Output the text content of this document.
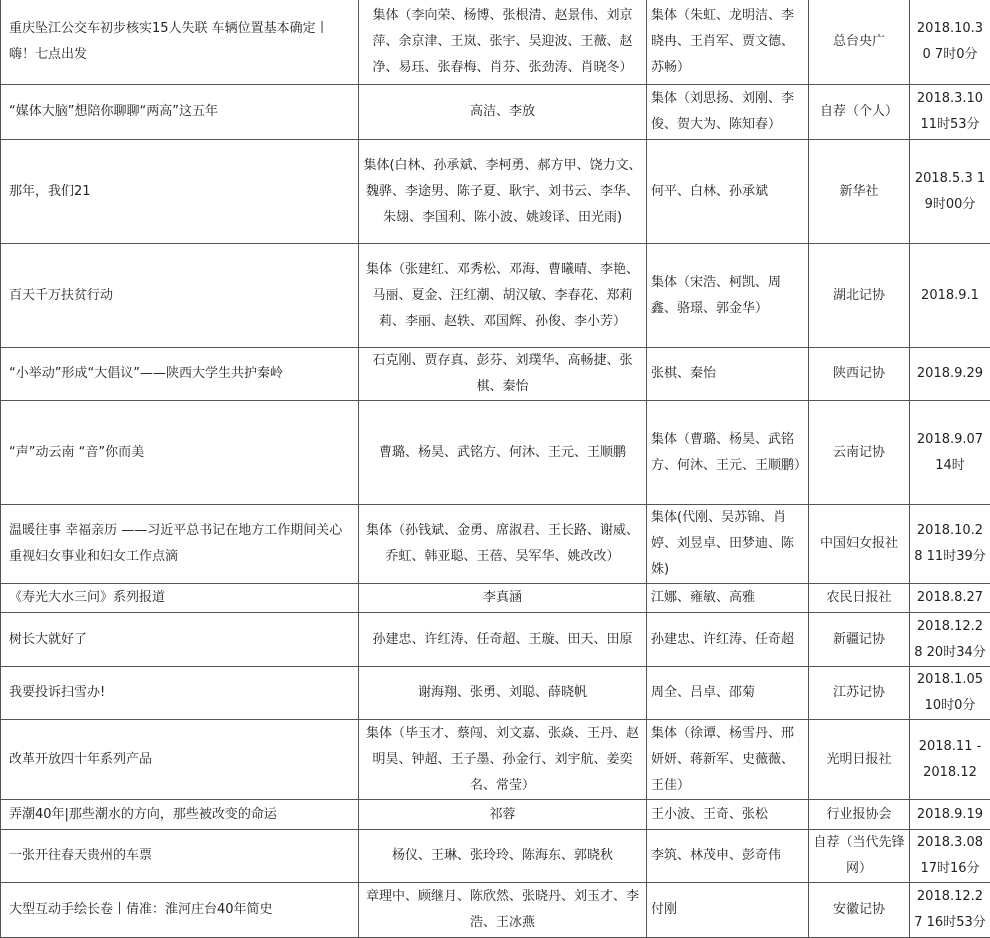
重庆坠江公交车初步核实15人失联 车辆位置基本确定丨嗨！七点出发	集体（李向荣、杨博、张根清、赵景伟、刘京萍、余京津、王岚、张宇、吴迎波、王薇、赵净、易珏、张春梅、肖芬、张劲涛、肖晓冬）	集体（朱虹、龙明洁、李晓冉、王肖军、贾文德、苏畅）	总台央广	2018.10.30 7时0分
“媒体大脑”想陪你聊聊“两高”这五年	高洁、李放	集体（刘思扬、刘刚、李俊、贺大为、陈知春）	自荐（个人）	2018.3.10 11时53分
那年，我们21	集体(白林、孙承斌、李柯勇、郝方甲、饶力文、魏骅、李途男、陈子夏、耿宇、刘书云、李华、朱翃、李国利、陈小波、姚竣译、田光雨)	何平、白林、孙承斌	新华社	2018.5.3 19时00分
百天千万扶贫行动	集体（张建红、邓秀松、邓海、曹曦晴、李艳、马丽、夏金、汪红潮、胡汉敏、李春花、郑莉莉、李丽、赵轶、邓国辉、孙俊、李小芳）	集体（宋浩、柯凯、周鑫、骆璟、郭金华）	湖北记协	2018.9.1
“小举动”形成“大倡议”——陕西大学生共护秦岭	石克刚、贾存真、彭芬、刘璞华、高畅捷、张棋、秦怡	张棋、秦怡	陕西记协	2018.9.29
“声”动云南 “音”你而美	曹璐、杨昊、武铭方、何沐、王元、王顺鹏	集体（曹璐、杨昊、武铭方、何沐、王元、王顺鹏）	云南记协	2018.9.07 14时
温暖往事 幸福亲历 ——习近平总书记在地方工作期间关心重视妇女事业和妇女工作点滴	集体（孙钱斌、金勇、席淑君、王长路、谢威、乔虹、韩亚聪、王蓓、吴军华、姚改改）	集体(代刚、吴苏锦、肖婷、刘昱卓、田梦迪、陈姝)	中国妇女报社	2018.10.28 11时39分
《寿光大水三问》系列报道	李真涵	江娜、雍敏、高雅	农民日报社	2018.8.27
树长大就好了	孙建忠、许红涛、任奇超、王璇、田天、田原	孙建忠、许红涛、任奇超	新疆记协	2018.12.28 20时34分
我要投诉扫雪办!	谢海翔、张勇、刘聪、薛晓帆	周全、吕卓、邵菊	江苏记协	2018.1.05 10时0分
改革开放四十年系列产品	集体（毕玉才、蔡闯、刘文嘉、张焱、王丹、赵明昊、钟超、王子墨、孙金行、刘宇航、姜奕名、常莹）	集体（徐谭、杨雪丹、邢妍妍、蒋新军、史薇薇、王佳）	光明日报社	2018.11 - 2018.12
弄潮40年|那些潮水的方向，那些被改变的命运	祁蓉	王小波、王奇、张松	行业报协会	2018.9.19
一张开往春天贵州的车票	杨仪、王琳、张玲玲、陈海东、郭晓秋	李筑、林茂申、彭奇伟	自荐（当代先锋网）	2018.3.08 17时16分
大型互动手绘长卷丨倩准：淮河庄台40年简史	章理中、顾继月、陈欣然、张晓丹、刘玉才、李浩、王冰燕	付刚	安徽记协	2018.12.27 16时53分
